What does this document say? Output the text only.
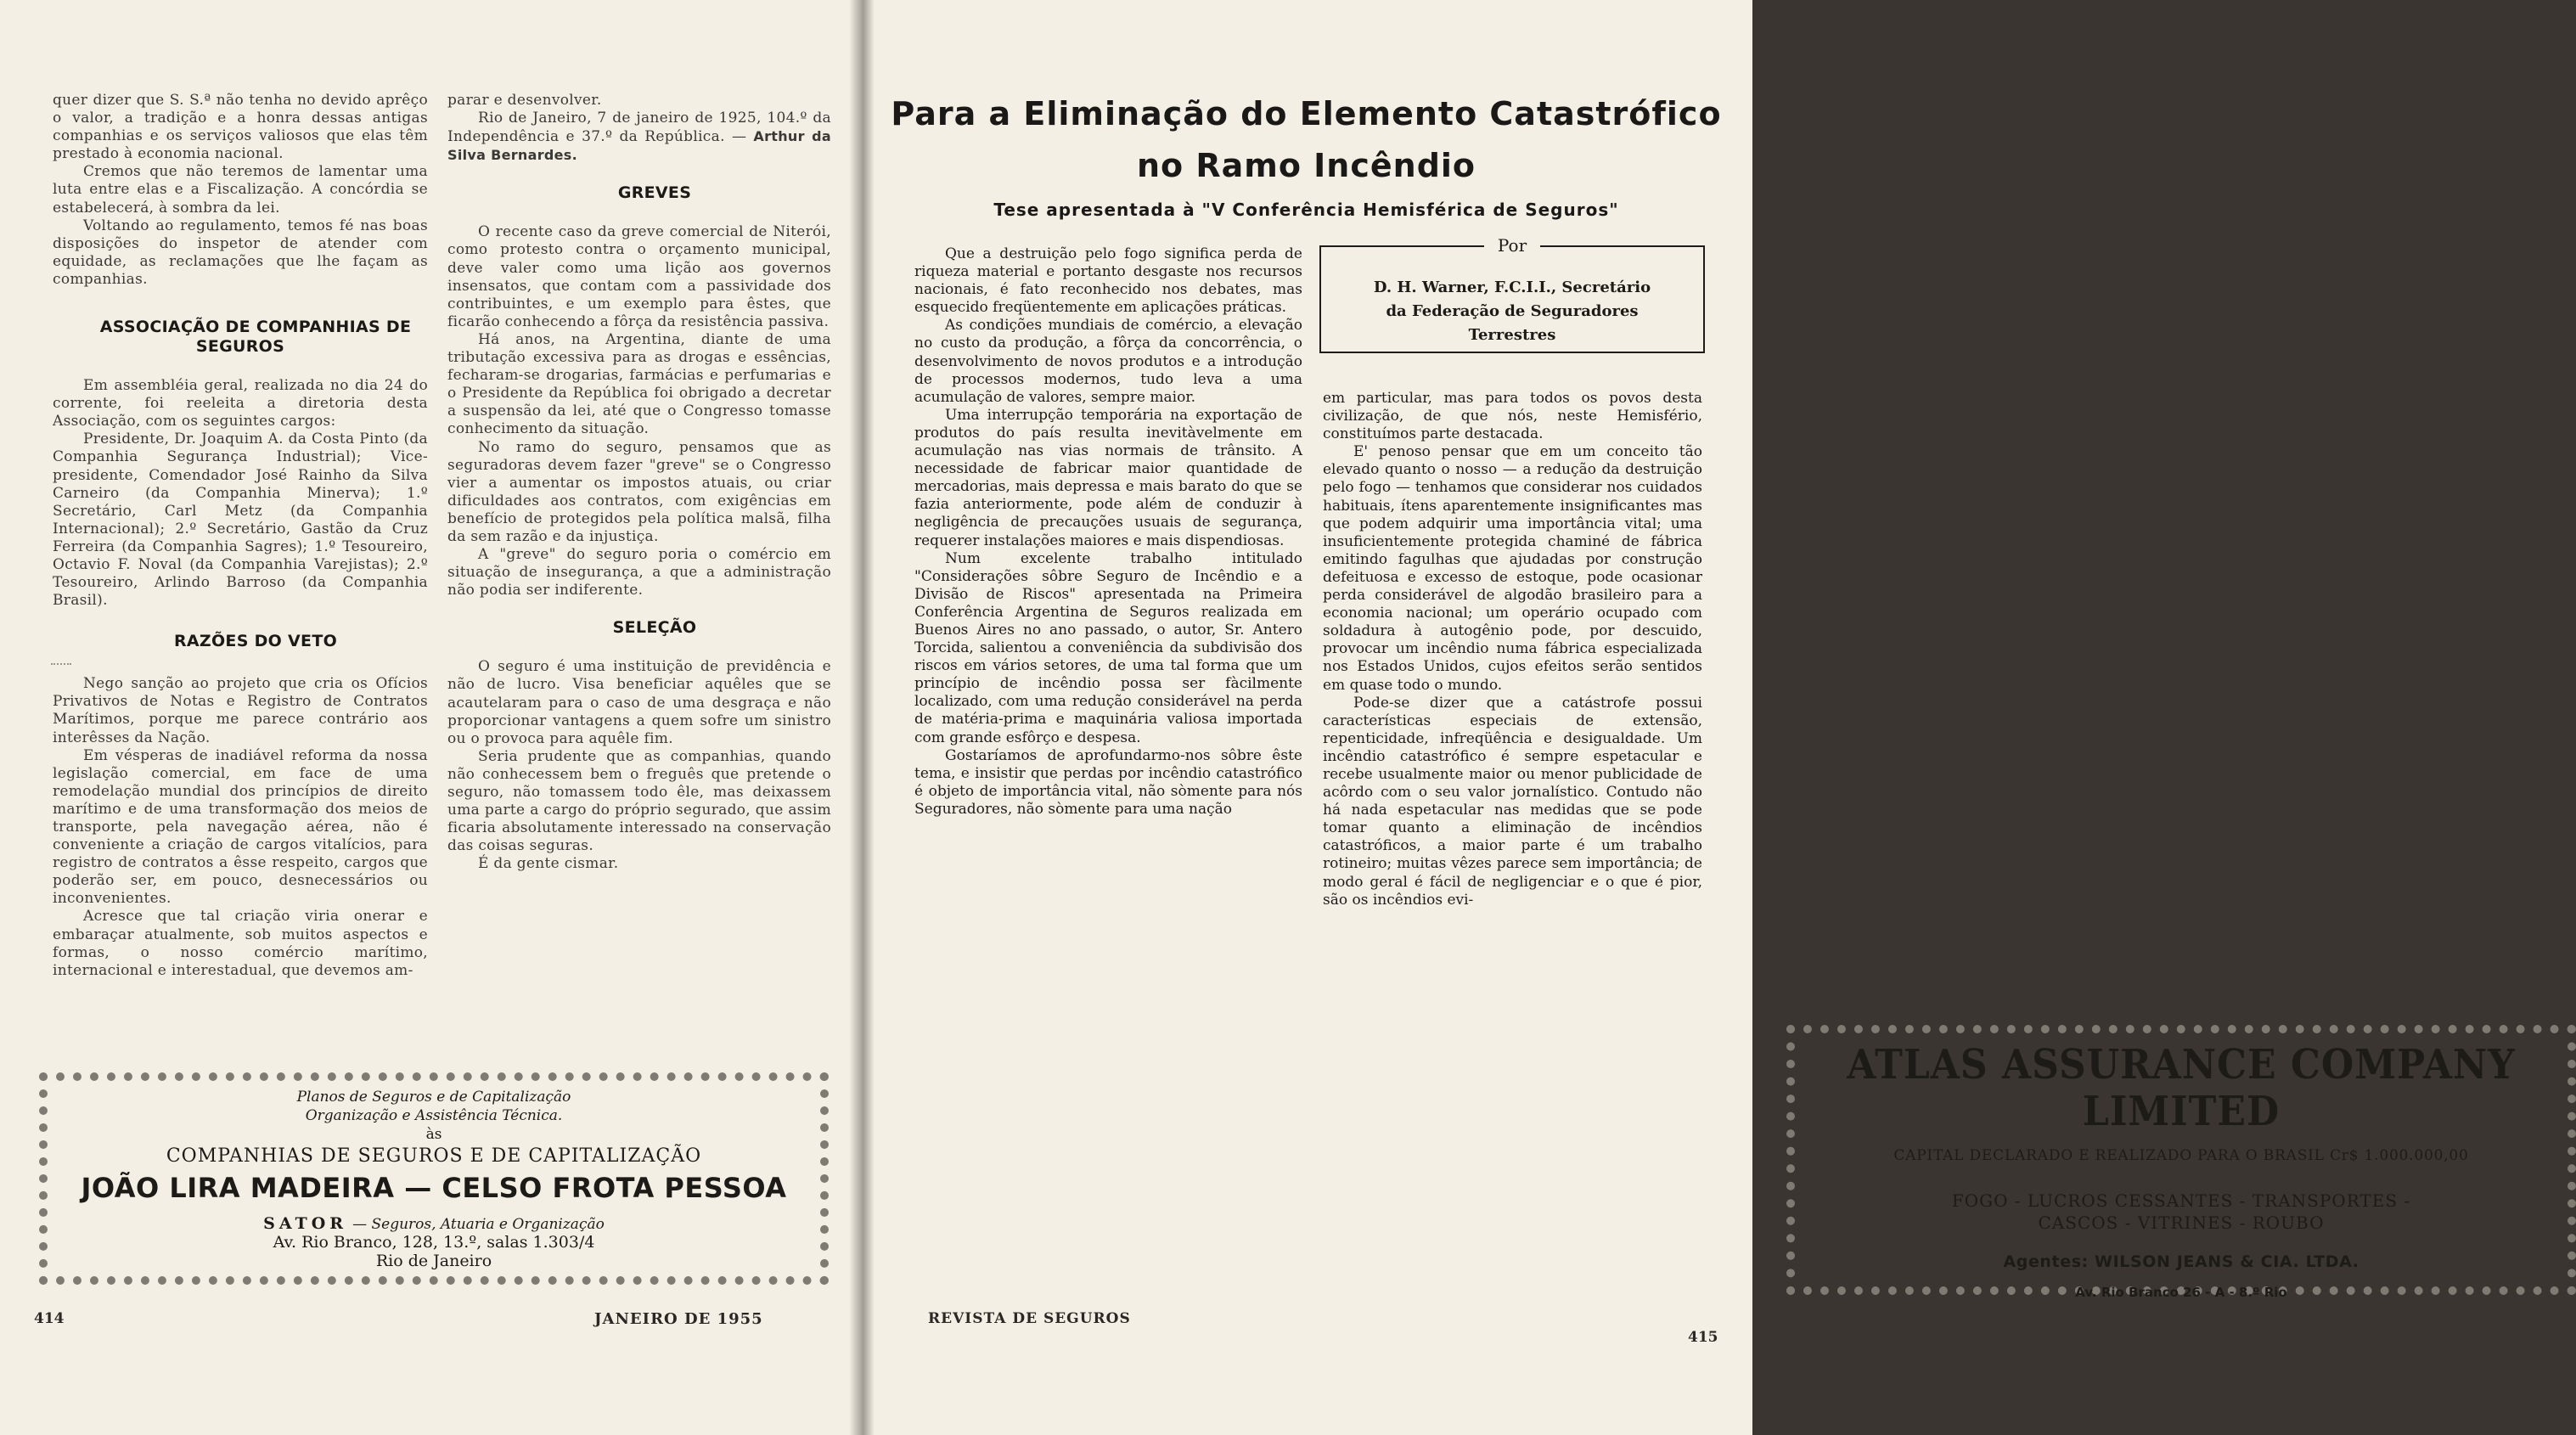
quer dizer que S. S.ª não tenha no devido aprêço o valor, a tradição e a honra dessas antigas companhias e os serviços valiosos que elas têm prestado à economia nacional.

Cremos que não teremos de lamentar uma luta entre elas e a Fiscalização. A concórdia se estabelecerá, à sombra da lei.

Voltando ao regulamento, temos fé nas boas disposições do inspetor de atender com equidade, as reclamações que lhe façam as companhias.

ASSOCIAÇÃO DE COMPANHIAS DE SEGUROS

Em assembléia geral, realizada no dia 24 do corrente, foi reeleita a diretoria desta Associação, com os seguintes cargos:

Presidente, Dr. Joaquim A. da Costa Pinto (da Companhia Segurança Industrial); Vice-presidente, Comendador José Rainho da Silva Carneiro (da Companhia Minerva); 1.º Secretário, Carl Metz (da Companhia Internacional); 2.º Secretário, Gastão da Cruz Ferreira (da Companhia Sagres); 1.º Tesoureiro, Octavio F. Noval (da Companhia Varejistas); 2.º Tesoureiro, Arlindo Barroso (da Companhia Brasil).

RAZÕES DO VETO

Nego sanção ao projeto que cria os Ofícios Privativos de Notas e Registro de Contratos Marítimos, porque me parece contrário aos interêsses da Nação.

Em vésperas de inadiável reforma da nossa legislação comercial, em face de uma remodelação mundial dos princípios de direito marítimo e de uma transformação dos meios de transporte, pela navegação aérea, não é conveniente a criação de cargos vitalícios, para registro de contratos a êsse respeito, cargos que poderão ser, em pouco, desnecessários ou inconvenientes.

Acresce que tal criação viria onerar e embaraçar atualmente, sob muitos aspectos e formas, o nosso comércio marítimo, internacional e interestadual, que devemos am-

parar e desenvolver.

Rio de Janeiro, 7 de janeiro de 1925, 104.º da Independência e 37.º da República. — Arthur da Silva Bernardes.

GREVES

O recente caso da greve comercial de Niterói, como protesto contra o orçamento municipal, deve valer como uma lição aos governos insensatos, que contam com a passividade dos contribuintes, e um exemplo para êstes, que ficarão conhecendo a fôrça da resistência passiva.

Há anos, na Argentina, diante de uma tributação excessiva para as drogas e essências, fecharam-se drogarias, farmácias e perfumarias e o Presidente da República foi obrigado a decretar a suspensão da lei, até que o Congresso tomasse conhecimento da situação.

No ramo do seguro, pensamos que as seguradoras devem fazer "greve" se o Congresso vier a aumentar os impostos atuais, ou criar dificuldades aos contratos, com exigências em benefício de protegidos pela política malsã, filha da sem razão e da injustiça.

A "greve" do seguro poria o comércio em situação de insegurança, a que a administração não podia ser indiferente.

SELEÇÃO

O seguro é uma instituição de previdência e não de lucro. Visa beneficiar aquêles que se acautelaram para o caso de uma desgraça e não proporcionar vantagens a quem sofre um sinistro ou o provoca para aquêle fim.

Seria prudente que as companhias, quando não conhecessem bem o freguês que pretende o seguro, não tomassem todo êle, mas deixassem uma parte a cargo do próprio segurado, que assim ficaria absolutamente interessado na conservação das coisas seguras.

É da gente cismar.

Planos de Seguros e de Capitalização
Organização e Assistência Técnica.
às
COMPANHIAS DE SEGUROS E DE CAPITALIZAÇÃO
JOÃO LIRA MADEIRA — CELSO FROTA PESSOA
SATOR — Seguros, Atuaria e Organização
Av. Rio Branco, 128, 13.º, salas 1.303/4
Rio de Janeiro
414	JANEIRO DE 1955
Para a Eliminação do Elemento Catastrófico
no Ramo Incêndio
Tese apresentada à "V Conferência Hemisférica de Seguros"
Por
D. H. Warner, F.C.I.I., Secretário
da Federação de Seguradores
Terrestres

Que a destruição pelo fogo significa perda de riqueza material e portanto desgaste nos recursos nacionais, é fato reconhecido nos debates, mas esquecido freqüentemente em aplicações práticas.

As condições mundiais de comércio, a elevação no custo da produção, a fôrça da concorrência, o desenvolvimento de novos produtos e a introdução de processos modernos, tudo leva a uma acumulação de valores, sempre maior.

Uma interrupção temporária na exportação de produtos do país resulta inevitàvelmente em acumulação nas vias normais de trânsito. A necessidade de fabricar maior quantidade de mercadorias, mais depressa e mais barato do que se fazia anteriormente, pode além de conduzir à negligência de precauções usuais de segurança, requerer instalações maiores e mais dispendiosas.

Num excelente trabalho intitulado "Considerações sôbre Seguro de Incêndio e a Divisão de Riscos" apresentada na Primeira Conferência Argentina de Seguros realizada em Buenos Aires no ano passado, o autor, Sr. Antero Torcida, salientou a conveniência da subdivisão dos riscos em vários setores, de uma tal forma que um princípio de incêndio possa ser fàcilmente localizado, com uma redução considerável na perda de matéria-prima e maquinária valiosa importada com grande esfôrço e despesa.

Gostaríamos de aprofundarmo-nos sôbre êste tema, e insistir que perdas por incêndio catastrófico é objeto de importância vital, não sòmente para nós Seguradores, não sòmente para uma nação

em particular, mas para todos os povos desta civilização, de que nós, neste Hemisfério, constituímos parte destacada.

E' penoso pensar que em um conceito tão elevado quanto o nosso — a redução da destruição pelo fogo — tenhamos que considerar nos cuidados habituais, ítens aparentemente insignificantes mas que podem adquirir uma importância vital; uma insuficientemente protegida chaminé de fábrica emitindo fagulhas que ajudadas por construção defeituosa e excesso de estoque, pode ocasionar perda considerável de algodão brasileiro para a economia nacional; um operário ocupado com soldadura à autogênio pode, por descuido, provocar um incêndio numa fábrica especializada nos Estados Unidos, cujos efeitos serão sentidos em quase todo o mundo.

Pode-se dizer que a catástrofe possui características especiais de extensão, repenticidade, infreqüência e desigualdade. Um incêndio catastrófico é sempre espetacular e recebe usualmente maior ou menor publicidade de acôrdo com o seu valor jornalístico. Contudo não há nada espetacular nas medidas que se pode tomar quanto a eliminação de incêndios catastróficos, a maior parte é um trabalho rotineiro; muitas vêzes parece sem importância; de modo geral é fácil de negligenciar e o que é pior, são os incêndios evi-

ATLAS ASSURANCE COMPANY LIMITED
CAPITAL DECLARADO E REALIZADO PARA O BRASIL Cr$ 1.000.000,00
FOGO - LUCROS CESSANTES - TRANSPORTES -
CASCOS - VITRINES - ROUBO
Agentes: WILSON JEANS & CIA. LTDA.
Av. Rio Branco 26 - A - 8.º Rio
REVISTA DE SEGUROS
415
